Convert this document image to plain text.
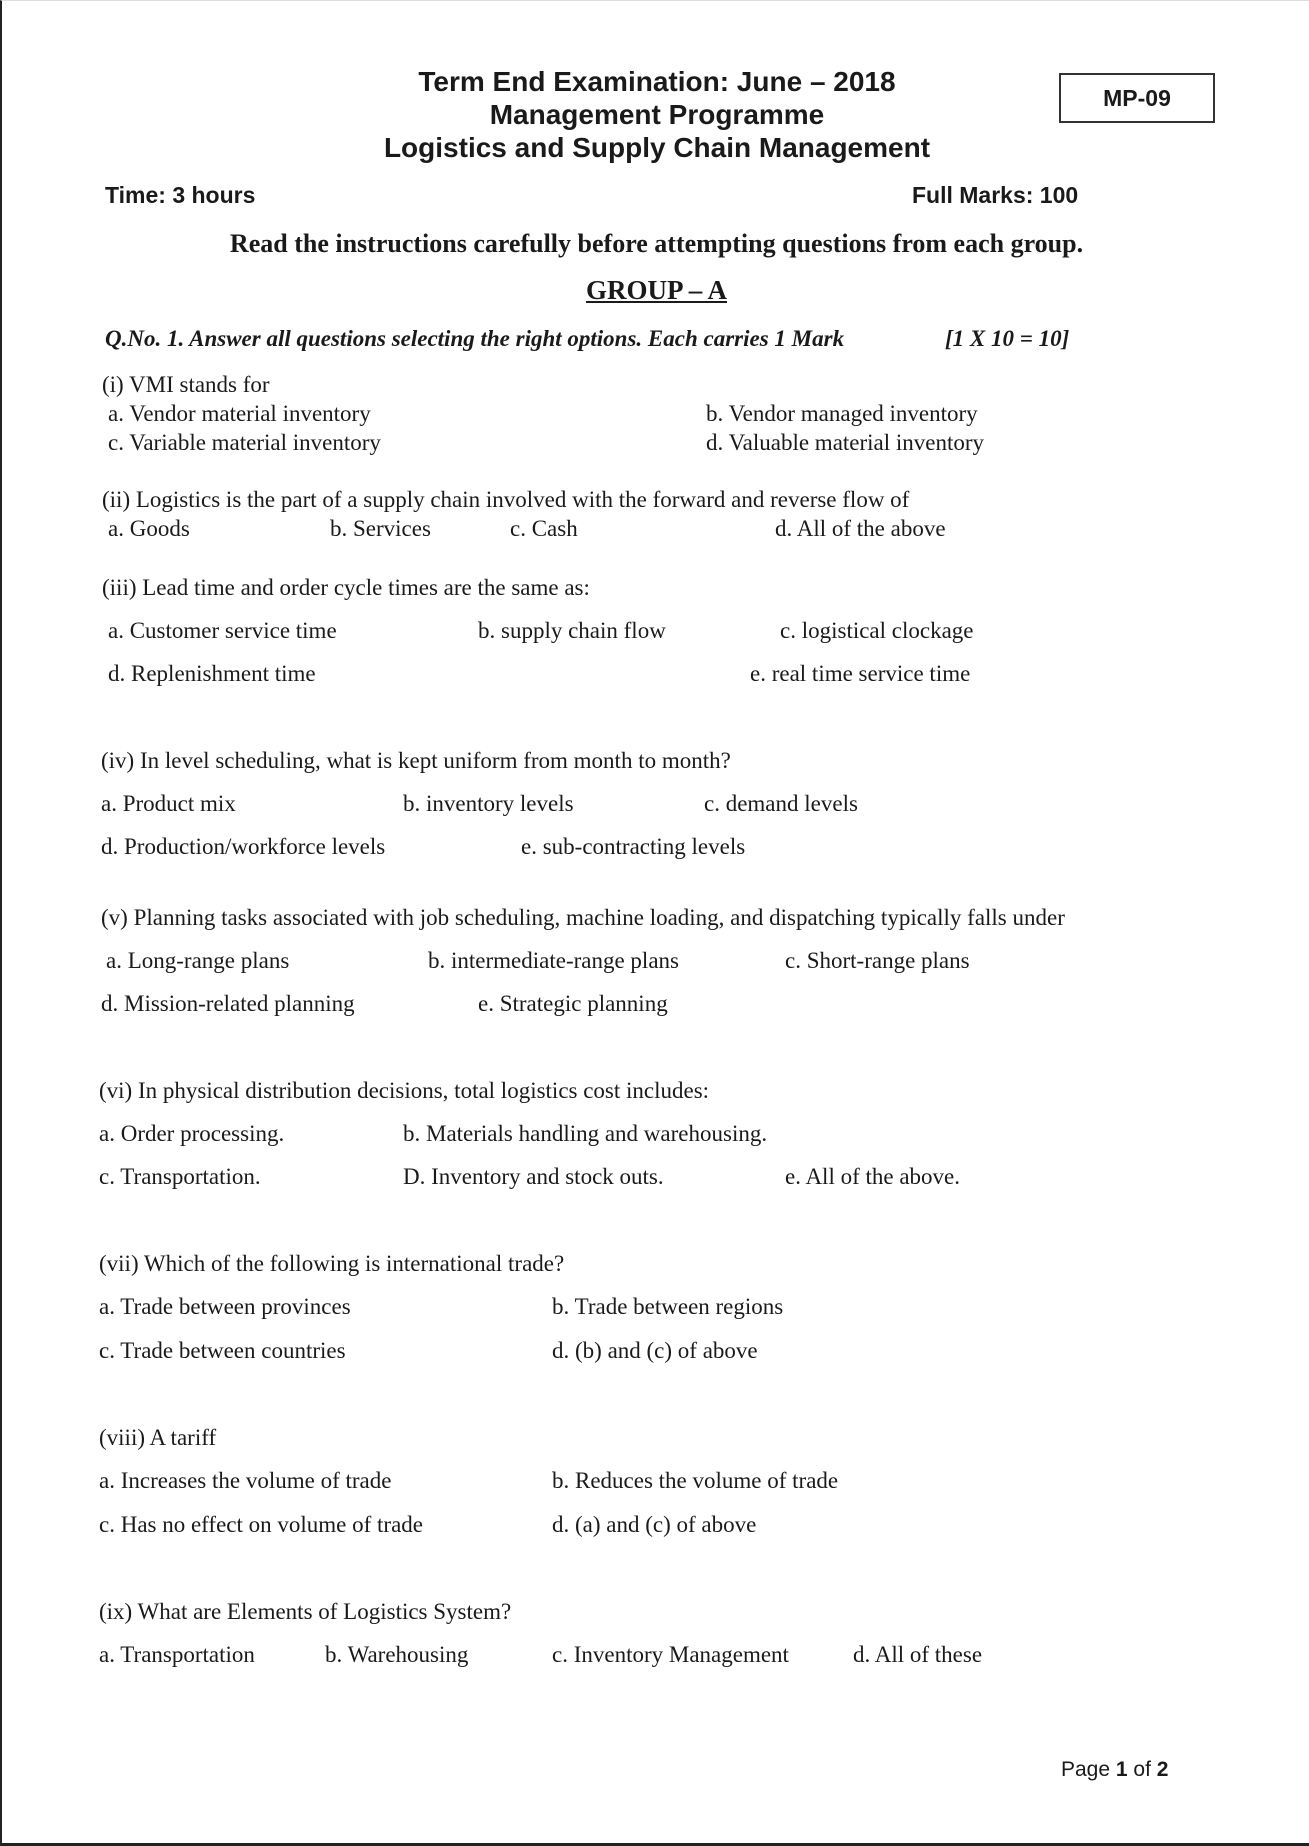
Term End Examination: June – 2018
Management Programme
Logistics and Supply Chain Management
MP-09
Time: 3 hours	Full Marks: 100
Read the instructions carefully before attempting questions from each group.
GROUP – A
Q.No. 1. Answer all questions selecting the right options. Each carries 1 Mark	[1 X 10 = 10]
(i) VMI stands for
a. Vendor material inventory	b. Vendor managed inventory
c. Variable material inventory	d. Valuable material inventory
(ii) Logistics is the part of a supply chain involved with the forward and reverse flow of
a. Goods	b. Services	c. Cash	d. All of the above
(iii) Lead time and order cycle times are the same as:
a. Customer service time	b. supply chain flow	c. logistical clockage
d. Replenishment time	e. real time service time
(iv) In level scheduling, what is kept uniform from month to month?
a. Product mix	b. inventory levels	c. demand levels
d. Production/workforce levels	e. sub-contracting levels
(v) Planning tasks associated with job scheduling, machine loading, and dispatching typically falls under
a. Long-range plans	b. intermediate-range plans	c. Short-range plans
d. Mission-related planning	e. Strategic planning
(vi) In physical distribution decisions, total logistics cost includes:
a. Order processing.	b. Materials handling and warehousing.
c. Transportation.	D. Inventory and stock outs.	e. All of the above.
(vii) Which of the following is international trade?
a. Trade between provinces	b. Trade between regions
c. Trade between countries	d. (b) and (c) of above
(viii) A tariff
a. Increases the volume of trade	b. Reduces the volume of trade
c. Has no effect on volume of trade	d. (a) and (c) of above
(ix) What are Elements of Logistics System?
a. Transportation	b. Warehousing	c. Inventory Management	d. All of these
Page 1 of 2
